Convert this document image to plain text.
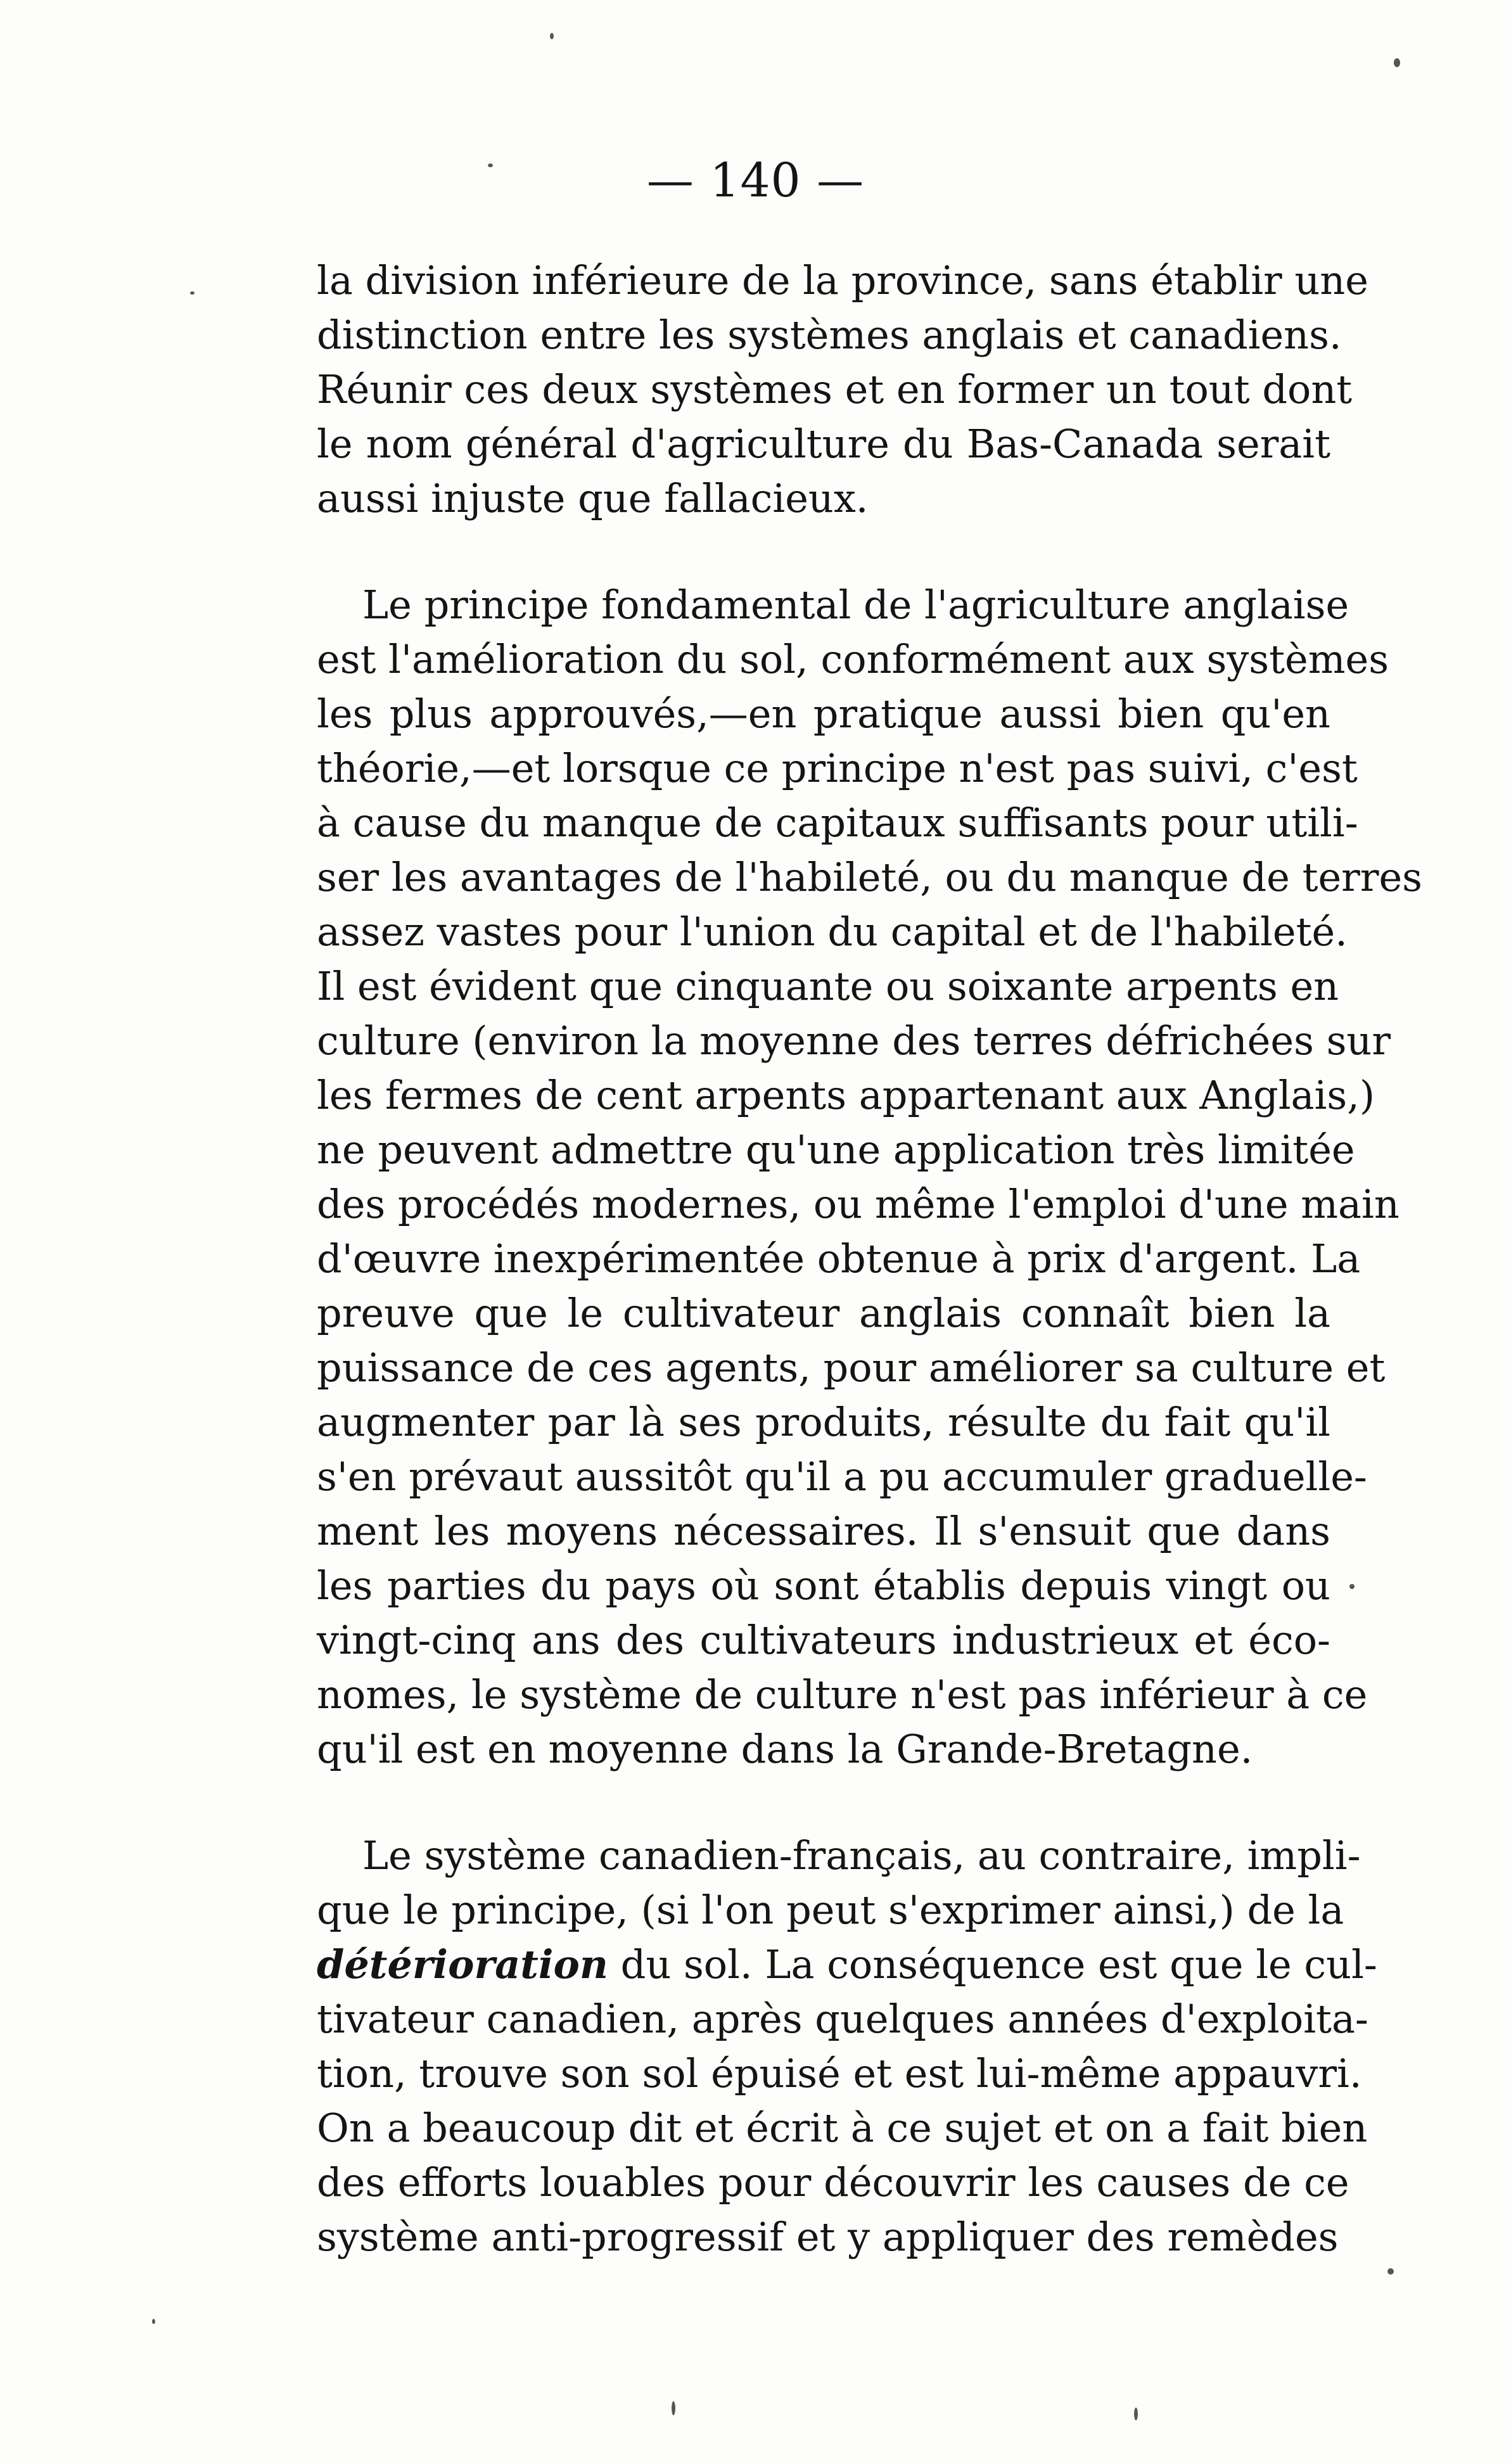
— 140 —
la division inférieure de la province, sans établir une
distinction entre les systèmes anglais et canadiens.
Réunir ces deux systèmes et en former un tout dont
le nom général d'agriculture du Bas-Canada serait
aussi injuste que fallacieux.
Le principe fondamental de l'agriculture anglaise
est l'amélioration du sol, conformément aux systèmes
les plus approuvés,—en pratique aussi bien qu'en
théorie,—et lorsque ce principe n'est pas suivi, c'est
à cause du manque de capitaux suffisants pour utili-
ser les avantages de l'habileté, ou du manque de terres
assez vastes pour l'union du capital et de l'habileté.
Il est évident que cinquante ou soixante arpents en
culture (environ la moyenne des terres défrichées sur
les fermes de cent arpents appartenant aux Anglais,)
ne peuvent admettre qu'une application très limitée
des procédés modernes, ou même l'emploi d'une main
d'œuvre inexpérimentée obtenue à prix d'argent. La
preuve que le cultivateur anglais connaît bien la
puissance de ces agents, pour améliorer sa culture et
augmenter par là ses produits, résulte du fait qu'il
s'en prévaut aussitôt qu'il a pu accumuler graduelle-
ment les moyens nécessaires. Il s'ensuit que dans
les parties du pays où sont établis depuis vingt ou
vingt-cinq ans des cultivateurs industrieux et éco-
nomes, le système de culture n'est pas inférieur à ce
qu'il est en moyenne dans la Grande-Bretagne.
Le système canadien-français, au contraire, impli-
que le principe, (si l'on peut s'exprimer ainsi,) de la
détérioration du sol. La conséquence est que le cul-
tivateur canadien, après quelques années d'exploita-
tion, trouve son sol épuisé et est lui-même appauvri.
On a beaucoup dit et écrit à ce sujet et on a fait bien
des efforts louables pour découvrir les causes de ce
système anti-progressif et y appliquer des remèdes
